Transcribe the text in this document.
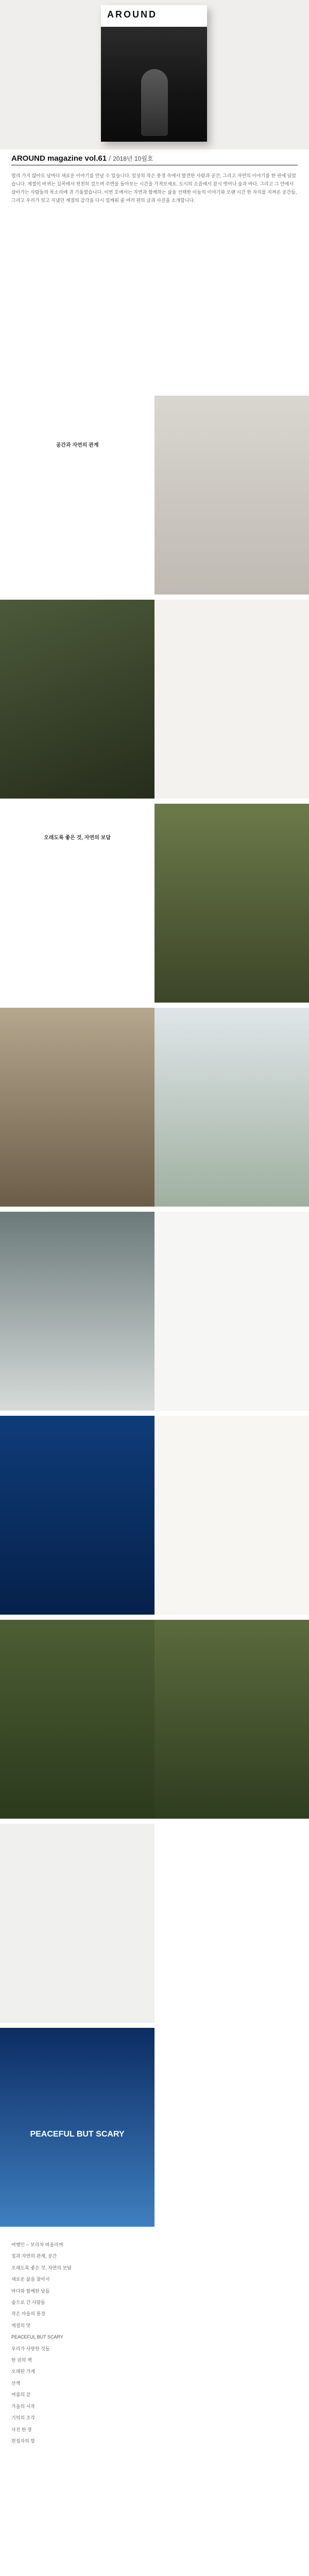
AROUND
AROUND magazine vol.61 / 2018년 10월호
멀리 가지 않아도 날마다 새로운 이야기를 만날 수 있습니다. 일상의 작은 풍경 속에서 발견한 사람과 공간, 그리고 자연의 이야기를 한 권에 담았습니다. 계절이 바뀌는 길목에서 천천히 걸으며 주변을 돌아보는 시간을 가져보세요. 도시의 소음에서 잠시 벗어나 숲과 바다, 그리고 그 안에서 살아가는 사람들의 목소리에 귀 기울였습니다. 이번 호에서는 자연과 함께하는 삶을 선택한 이들의 이야기와 오랜 시간 한 자리를 지켜온 공간들, 그리고 우리가 잊고 지냈던 계절의 감각을 다시 일깨워 줄 여러 편의 글과 사진을 소개합니다.
공간과 자연의 관계
오래도록 좋은 것, 자연의 보답
PEACEFUL BUT SCARY
여행인 -- 보리차 떠올리며
집과 자연의 관계, 공간
오래도록 좋은 것, 자연의 보답
새로운 삶을 찾아서
바다와 함께한 날들
숲으로 간 사람들
작은 마을의 풍경
계절의 맛
PEACEFUL BUT SCARY
우리가 사랑한 것들
한 권의 책
오래된 가게
산책
여름의 끝
가을의 시작
기억의 조각
사진 한 장
편집자의 말
